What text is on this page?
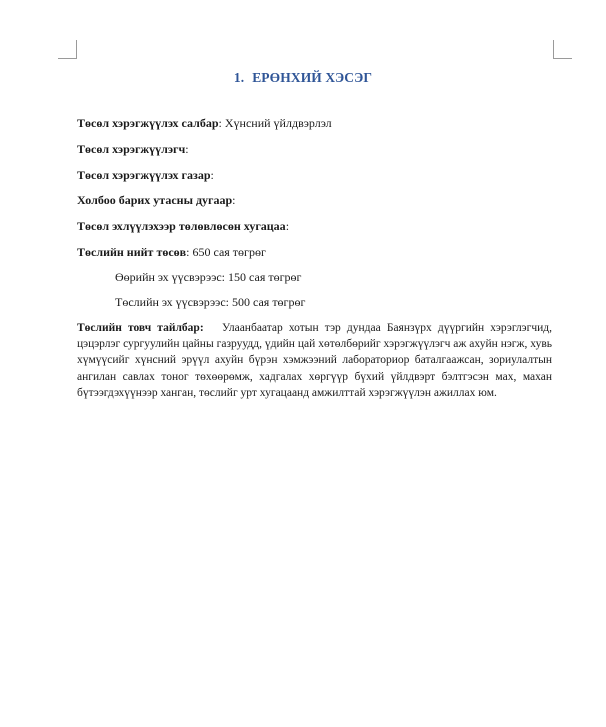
1. ЕРӨНХИЙ ХЭСЭГ
Төсөл хэрэгжүүлэх салбар: Хүнсний үйлдвэрлэл
Төсөл хэрэгжүүлэгч:
Төсөл хэрэгжүүлэх газар:
Холбоо барих утасны дугаар:
Төсөл эхлүүлэхээр төлөвлөсөн хугацаа:
Төслийн нийт төсөв: 650 сая төгрөг
Өөрийн эх үүсвэрээс: 150 сая төгрөг
Төслийн эх үүсвэрээс: 500 сая төгрөг
Төслийн товч тайлбар: Улаанбаатар хотын тэр дундаа Баянзүрх дүүргийн хэрэглэгчид, цэцэрлэг сургуулийн цайны газруудд, үдийн цай хөтөлбөрийг хэрэгжүүлэгч аж ахуйн нэгж, хувь хүмүүсийг хүнсний эрүүл ахуйн бүрэн хэмжээний лабораториор баталгаажсан, зориулалтын ангилан савлах тоног төхөөрөмж, хадгалах хөргүүр бүхий үйлдвэрт бэлтгэсэн мах, махан бүтээгдэхүүнээр ханган, төслийг урт хугацаанд амжилттай хэрэгжүүлэн ажиллах юм.
